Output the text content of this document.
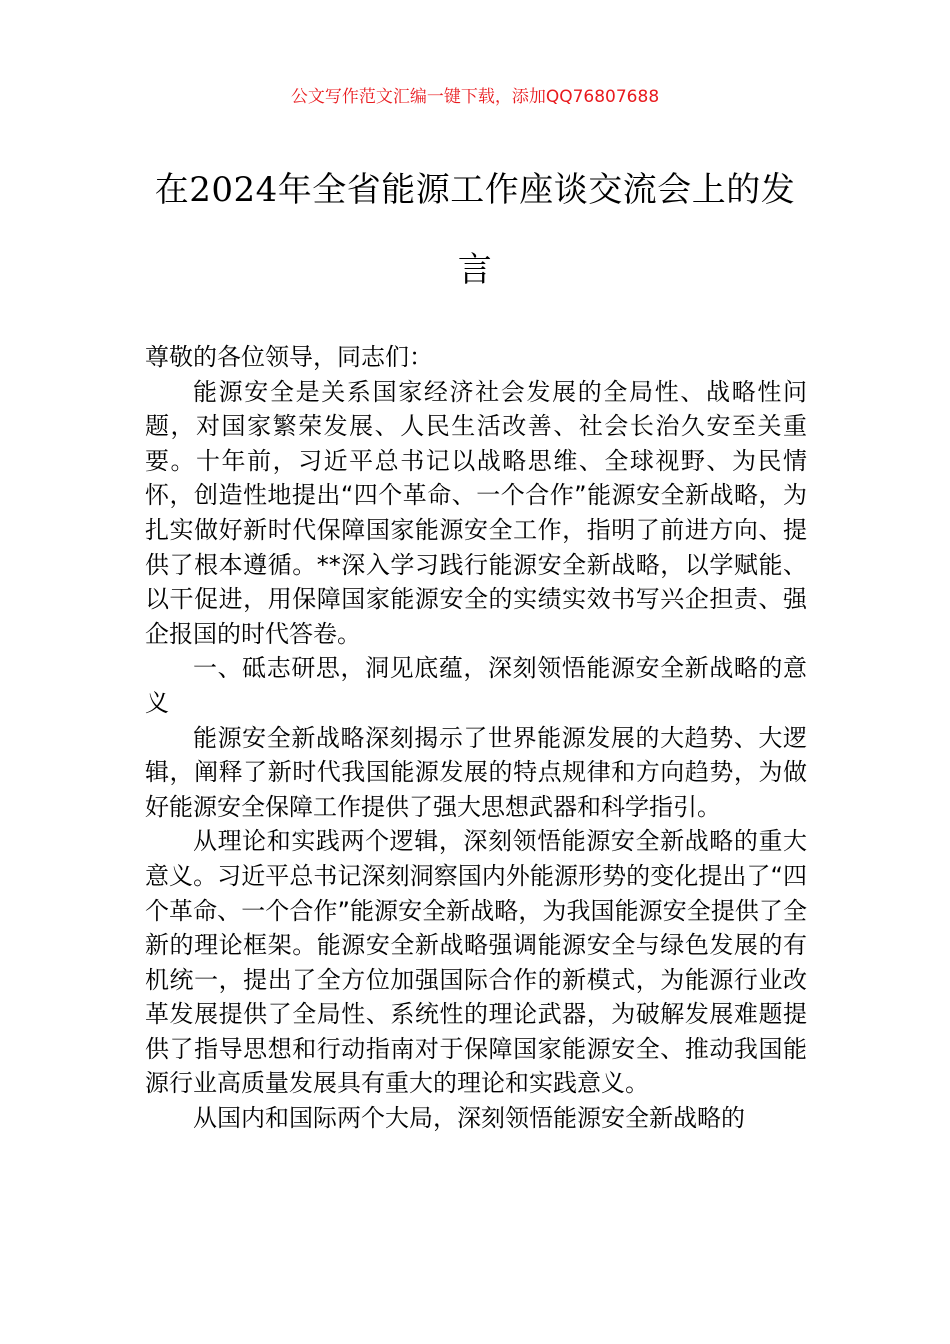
公文写作范文汇编一键下载，添加QQ76807688
在2024年全省能源工作座谈交流会上的发言

尊敬的各位领导，同志们：

能源安全是关系国家经济社会发展的全局性、战略性问题，对国家繁荣发展、人民生活改善、社会长治久安至关重要。十年前，习近平总书记以战略思维、全球视野、为民情怀，创造性地提出“四个革命、一个合作”能源安全新战略，为扎实做好新时代保障国家能源安全工作，指明了前进方向、提供了根本遵循。**深入学习践行能源安全新战略，以学赋能、以干促进，用保障国家能源安全的实绩实效书写兴企担责、强企报国的时代答卷。

一、砥志研思，洞见底蕴，深刻领悟能源安全新战略的意义

能源安全新战略深刻揭示了世界能源发展的大趋势、大逻辑，阐释了新时代我国能源发展的特点规律和方向趋势，为做好能源安全保障工作提供了强大思想武器和科学指引。

从理论和实践两个逻辑，深刻领悟能源安全新战略的重大意义。习近平总书记深刻洞察国内外能源形势的变化提出了“四个革命、一个合作”能源安全新战略，为我国能源安全提供了全新的理论框架。能源安全新战略强调能源安全与绿色发展的有机统一，提出了全方位加强国际合作的新模式，为能源行业改革发展提供了全局性、系统性的理论武器，为破解发展难题提供了指导思想和行动指南对于保障国家能源安全、推动我国能源行业高质量发展具有重大的理论和实践意义。

从国内和国际两个大局，深刻领悟能源安全新战略的
